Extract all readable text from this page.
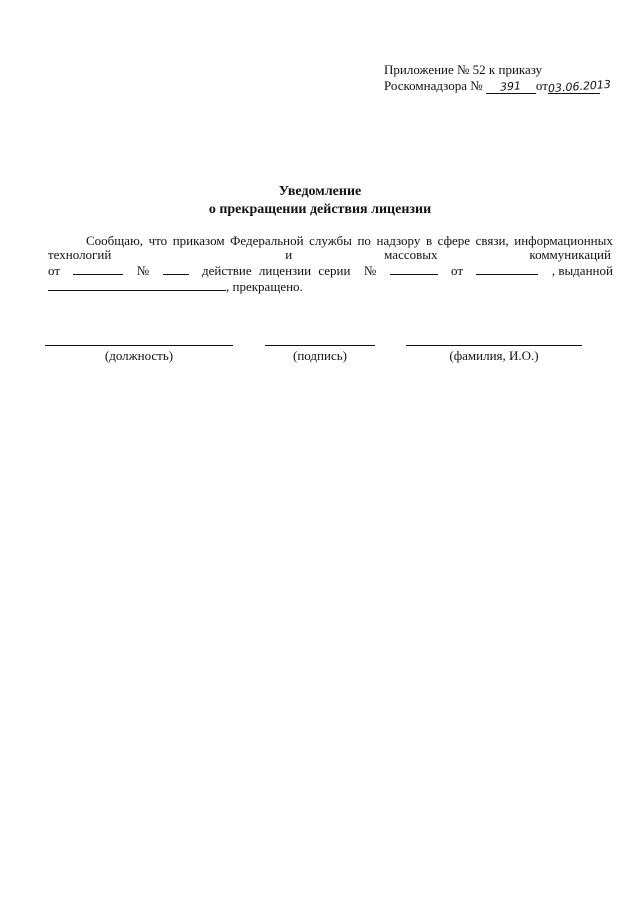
Приложение № 52 к приказу
Роскомнадзора № 391 от03.06.2013
Уведомление
о прекращении действия лицензии
Сообщаю, что приказом Федеральной службы по надзору в сфере связи, информационных
технологий	и	массовых	коммуникаций
от	№	действие лицензии серии №	от	, выданной
, прекращено.
(должность)	(подпись)	(фамилия, И.О.)
